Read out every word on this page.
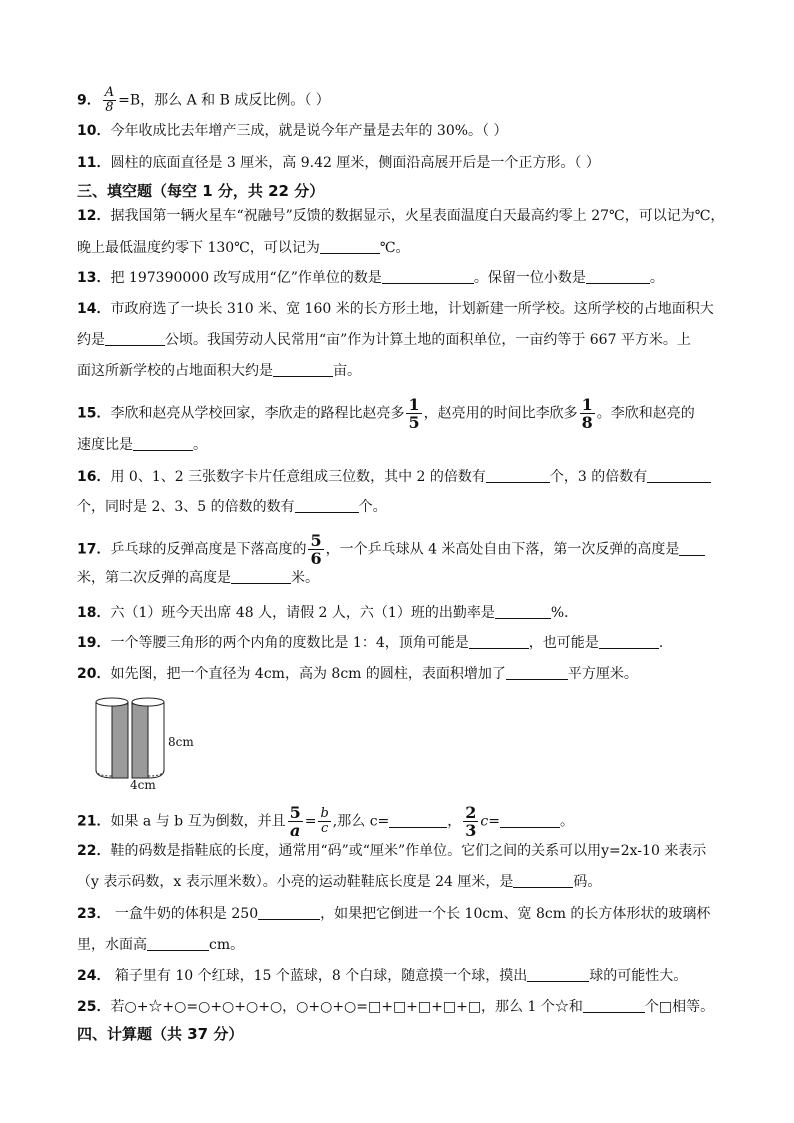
9． $\frac{A}{8} =B$，那么 A 和 B 成反比例。（ ）
10．今年收成比去年增产三成，就是说今年产量是去年的 30%。（ ）
11．圆柱的底面直径是 3 厘米，高 9.42 厘米，侧面沿高展开后是一个正方形。（ ）
三、填空题（每空 1 分，共 22 分）
12．据我国第一辆火星车“祝融号”反馈的数据显示，火星表面温度白天最高约零上 27℃，可以记为℃，
晚上最低温度约零下 130℃，可以记为	℃。
13．把 197390000 改写成用“亿”作单位的数是	。保留一位小数是	。
14．市政府选了一块长 310 米、宽 160 米的长方形土地，计划新建一所学校。这所学校的占地面积大
约是	公顷。我国劳动人民常用“亩”作为计算土地的面积单位，一亩约等于 667 平方米。上
面这所新学校的占地面积大约是	亩。
15．李欣和赵亮从学校回家，李欣走的路程比赵亮多 $\frac{1}{5}$ ，赵亮用的时间比李欣多 $\frac{1}{8}$ 。李欣和赵亮的
速度比是	。
16．用 0、1、2 三张数字卡片任意组成三位数，其中 2 的倍数有	个，3 的倍数有
个，同时是 2、3、5 的倍数的数有	个。
17．乒乓球的反弹高度是下落高度的 $\frac{5}{6}$ ，一个乒乓球从 4 米高处自由下落，第一次反弹的高度是
米，第二次反弹的高度是	米。
18．六（1）班今天出席 48 人，请假 2 人，六（1）班的出勤率是	%．
19．一个等腰三角形的两个内角的度数比是 1：4，顶角可能是	，也可能是	.
20．如先图，把一个直径为 4cm，高为 8cm 的圆柱，表面积增加了	平方厘米。
8cm
4cm
21．如果 a 与 b 互为倒数，并且 $\frac{5}{a} = \frac{b}{c}$ ,那么 c=	， $\frac{2}{3} c=$	。
22．鞋的码数是指鞋底的长度，通常用“码”或“厘米”作单位。它们之间的关系可以用y=2x-10 来表示
（y 表示码数，x 表示厘米数）。小亮的运动鞋鞋底长度是 24 厘米，是	码。
23． 一盒牛奶的体积是 250	，如果把它倒进一个长 10cm、宽 8cm 的长方体形状的玻璃杯
里，水面高	cm。
24． 箱子里有 10 个红球，15 个蓝球，8 个白球，随意摸一个球，摸出	球的可能性大。
25．若○+☆+○=○+○+○+○，○+○+○=□+□+□+□+□，那么 1 个☆和	个□相等。
四、计算题（共 37 分）
